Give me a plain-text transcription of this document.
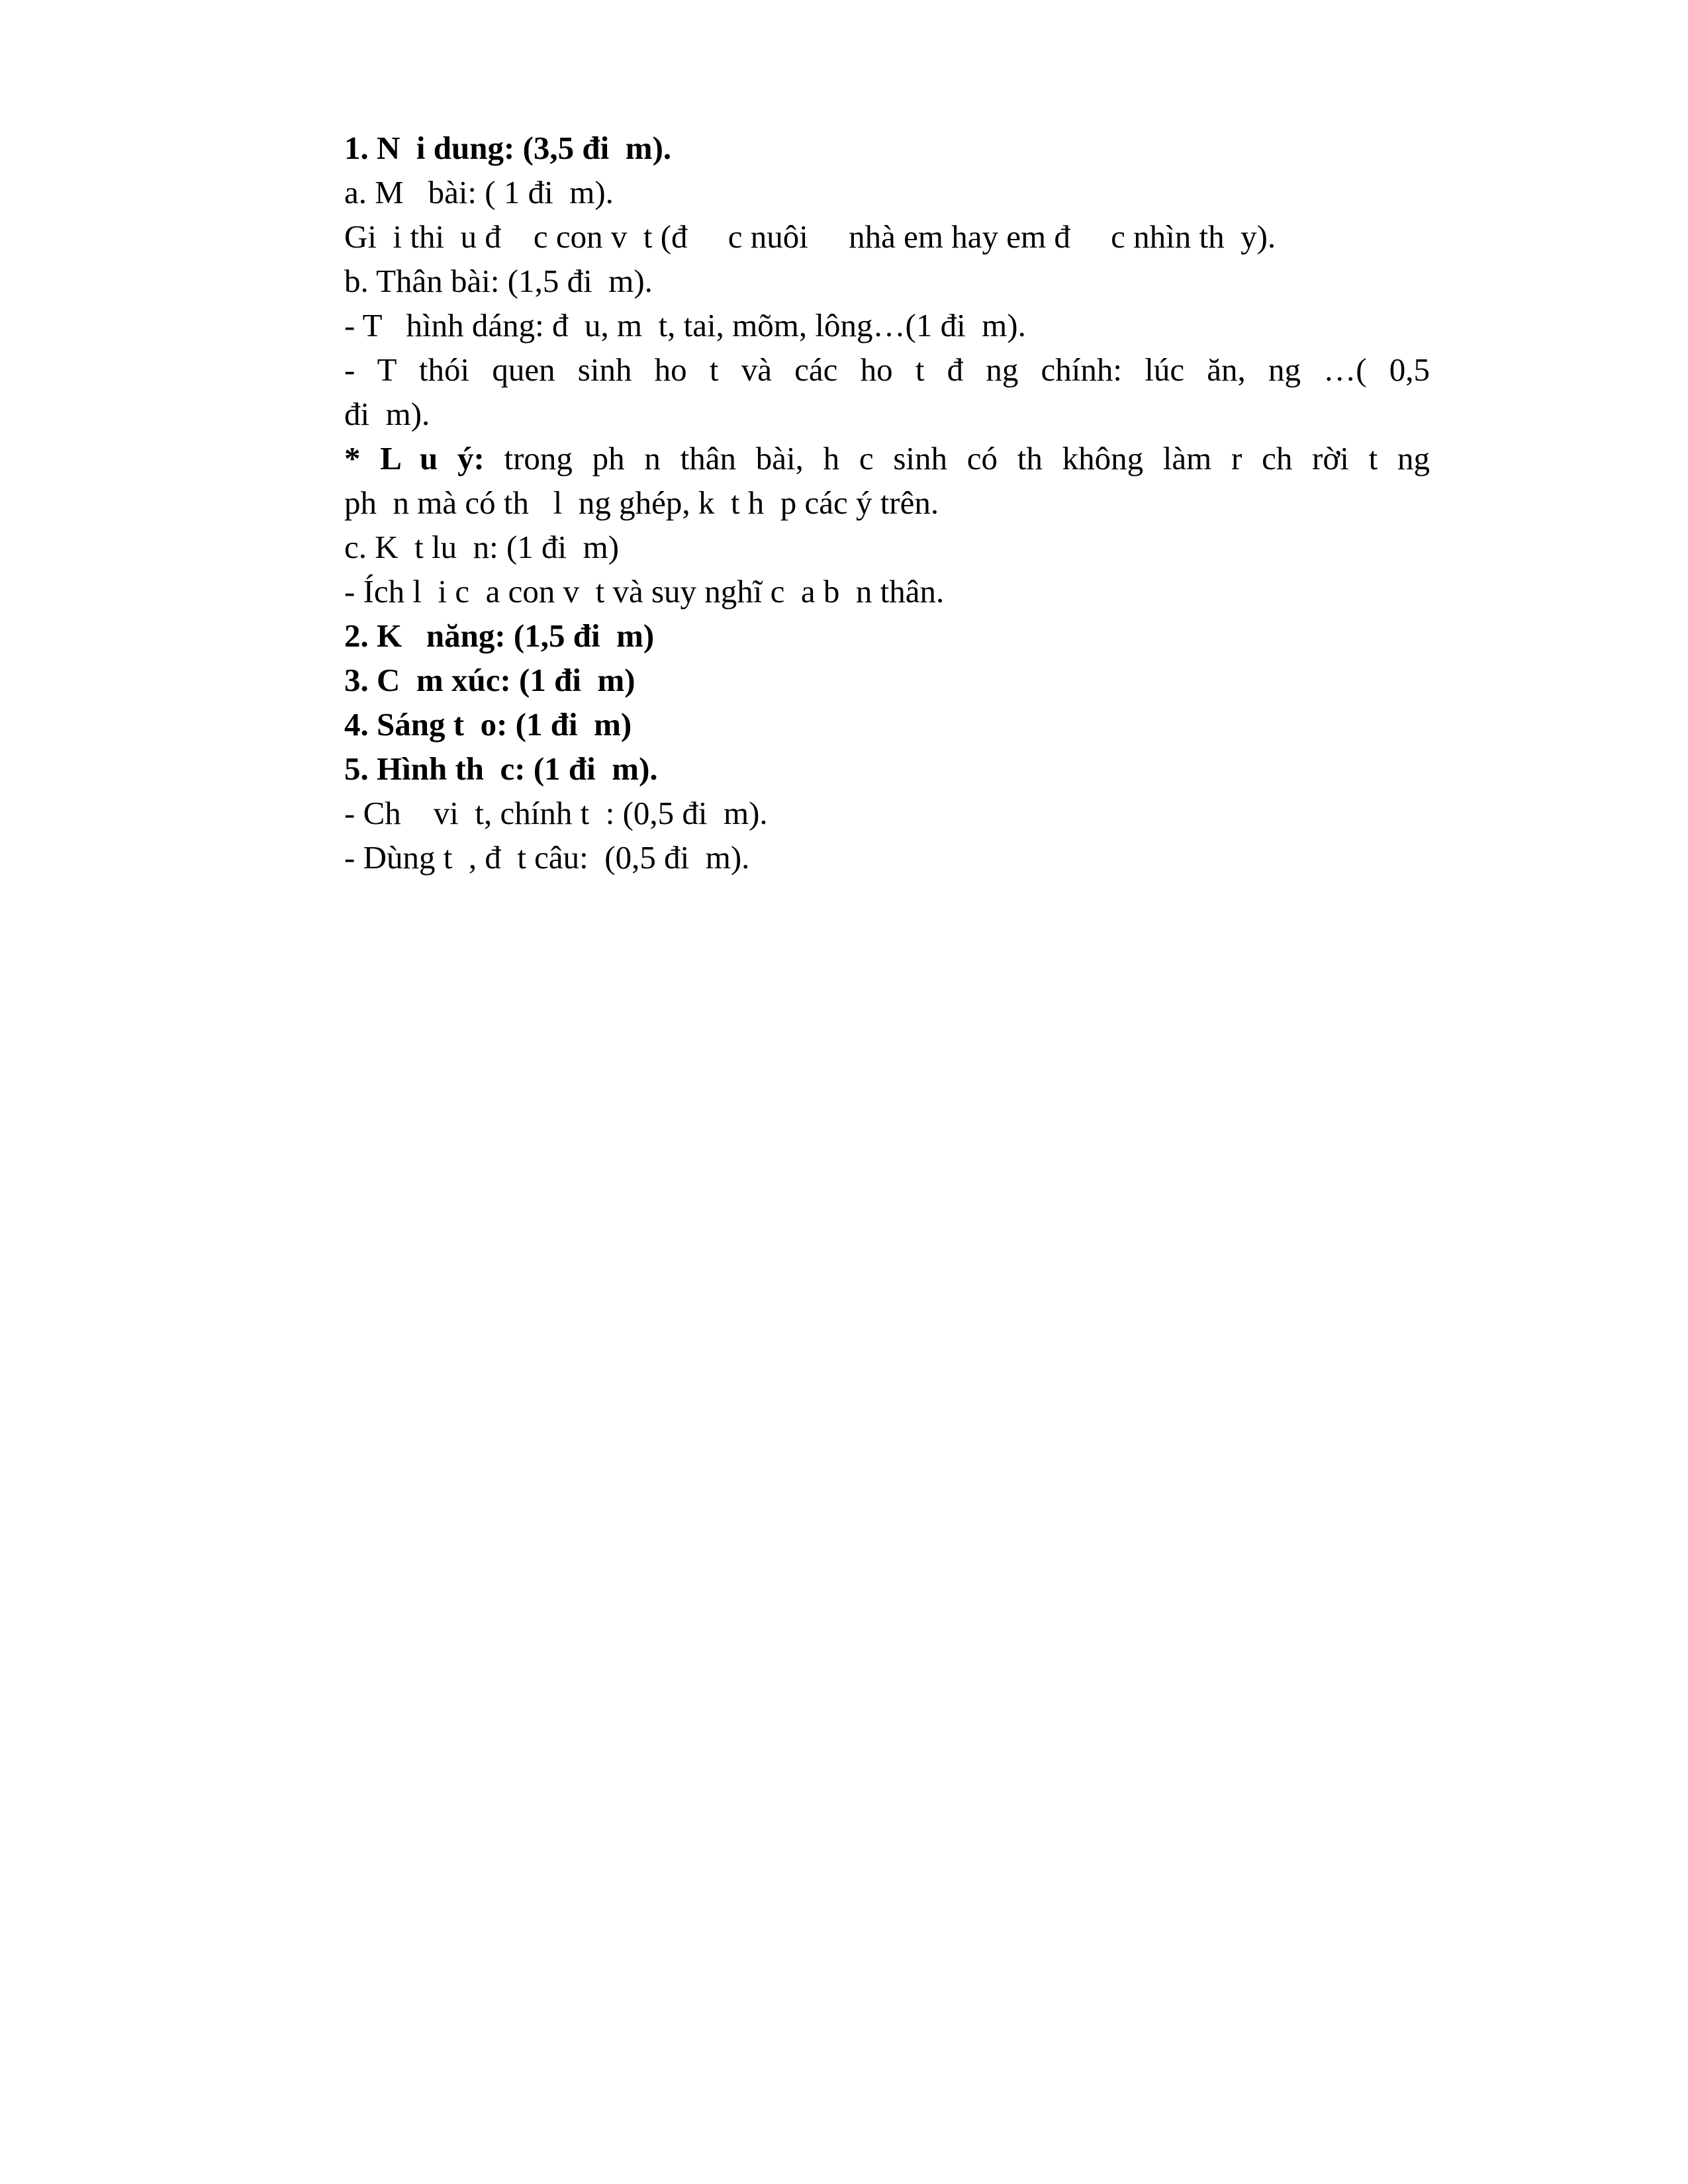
1. N  i dung: (3,5 đi  m).

a. M   bài: ( 1 đi  m).

Gi  i thi  u đ    c con v  t (đ     c nuôi     nhà em hay em đ     c nhìn th  y).

b. Thân bài: (1,5 đi  m).

- T   hình dáng: đ  u, m  t, tai, mõm, lông…(1 đi  m).

- T thói quen sinh ho t và các ho t đ ng chính: lúc ăn, ng …( 0,5

đi  m).

* L u ý: trong ph n thân bài, h c sinh có th không làm r ch rời t ng

ph  n mà có th   l  ng ghép, k  t h  p các ý trên.

c. K  t lu  n: (1 đi  m)

- Ích l  i c  a con v  t và suy nghĩ c  a b  n thân.

2. K   năng: (1,5 đi  m)

3. C  m xúc: (1 đi  m)

4. Sáng t  o: (1 đi  m)

5. Hình th  c: (1 đi  m).

- Ch    vi  t, chính t  : (0,5 đi  m).

- Dùng t  , đ  t câu:  (0,5 đi  m).
